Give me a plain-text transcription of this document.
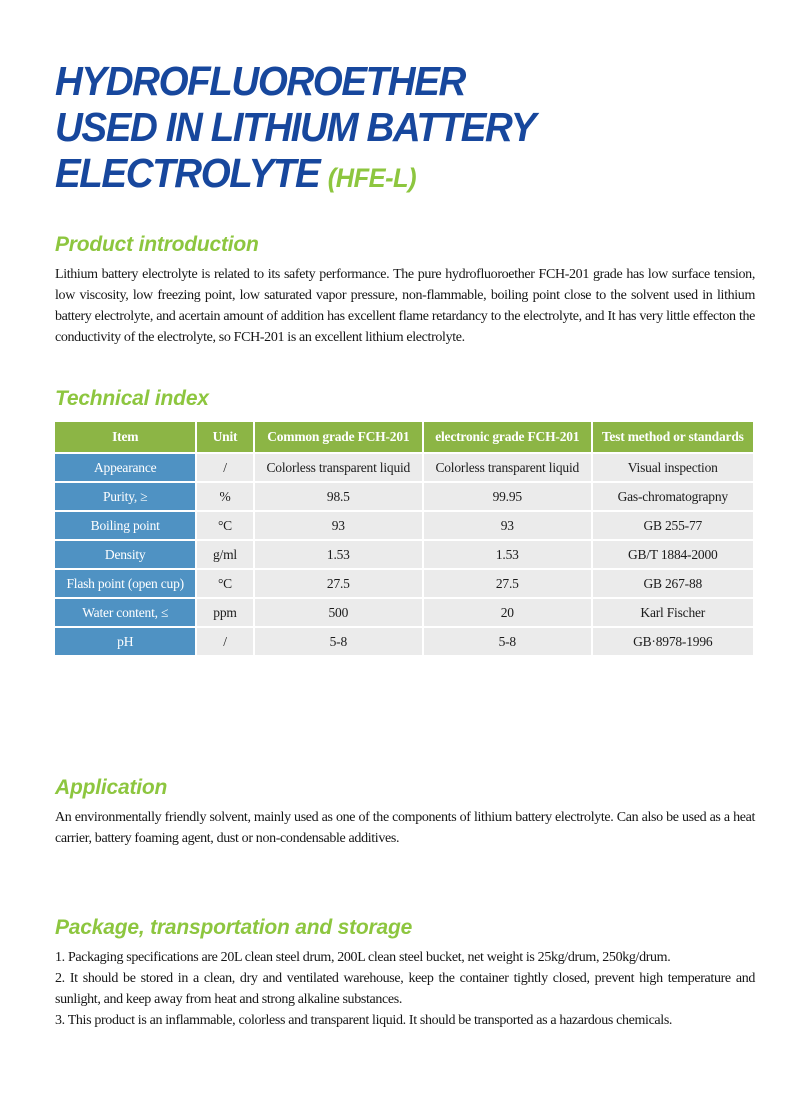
HYDROFLUOROETHER
USED IN LITHIUM BATTERY
ELECTROLYTE (HFE-L)
Product introduction

Lithium battery electrolyte is related to its safety performance. The pure hydrofluoroether FCH-201 grade has low surface tension, low viscosity, low freezing point, low saturated vapor pressure, non-flammable, boiling point close to the solvent used in lithium battery electrolyte, and acertain amount of addition has excellent flame retardancy to the electrolyte, and It has very little effecton the conductivity of the electrolyte, so FCH-201 is an excellent lithium electrolyte.

Technical index
Item	Unit	Common grade FCH-201	electronic grade FCH-201	Test method or standards
Appearance	/	Colorless transparent liquid	Colorless transparent liquid	Visual inspection
Purity, ≥	%	98.5	99.95	Gas-chromatograpny
Boiling point	°C	93	93	GB 255-77
Density	g/ml	1.53	1.53	GB/T 1884-2000
Flash point (open cup)	°C	27.5	27.5	GB 267-88
Water content, ≤	ppm	500	20	Karl Fischer
pH	/	5-8	5-8	GB·8978-1996
Application

An environmentally friendly solvent, mainly used as one of the components of lithium battery electrolyte. Can also be used as a heat carrier, battery foaming agent, dust or non-condensable additives.

Package, transportation and storage

1. Packaging specifications are 20L clean steel drum, 200L clean steel bucket, net weight is 25kg/drum, 250kg/drum.

2. It should be stored in a clean, dry and ventilated warehouse, keep the container tightly closed, prevent high temperature and sunlight, and keep away from heat and strong alkaline substances.

3. This product is an inflammable, colorless and transparent liquid. It should be transported as a hazardous chemicals.
